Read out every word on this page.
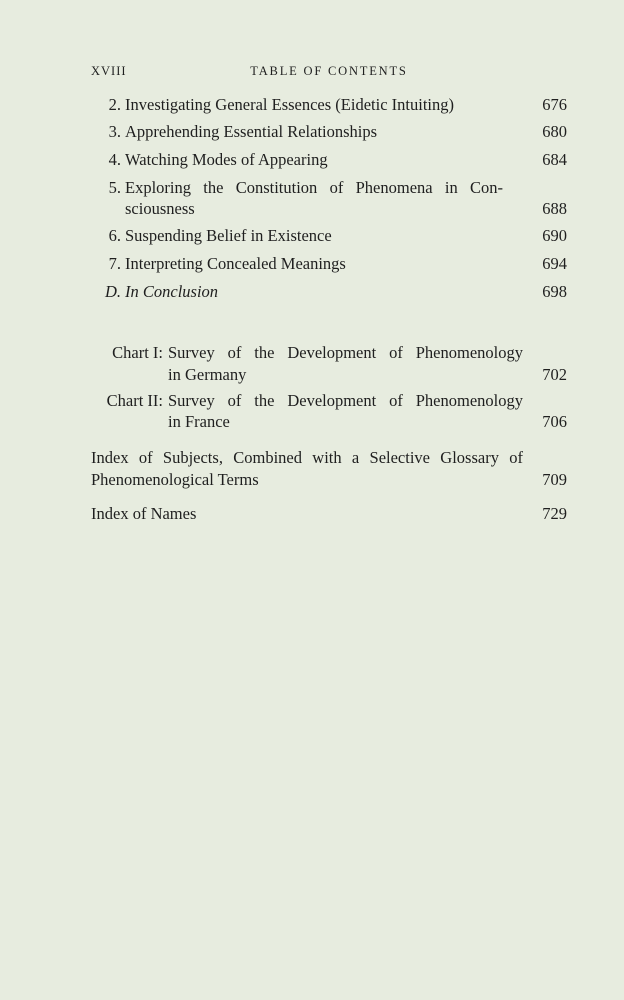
XVIII	TABLE OF CONTENTS
2. Investigating General Essences (Eidetic Intuiting)	676
3. Apprehending Essential Relationships	680
4. Watching Modes of Appearing	684
5. Exploring the Constitution of Phenomena in Con-
sciousness	688
6. Suspending Belief in Existence	690
7. Interpreting Concealed Meanings	694
D. In Conclusion	698
Chart I: Survey of the Development of Phenomenology
in Germany	702
Chart II: Survey of the Development of Phenomenology
in France	706
Index of Subjects, Combined with a Selective Glossary of
Phenomenological Terms	709
Index of Names	729
